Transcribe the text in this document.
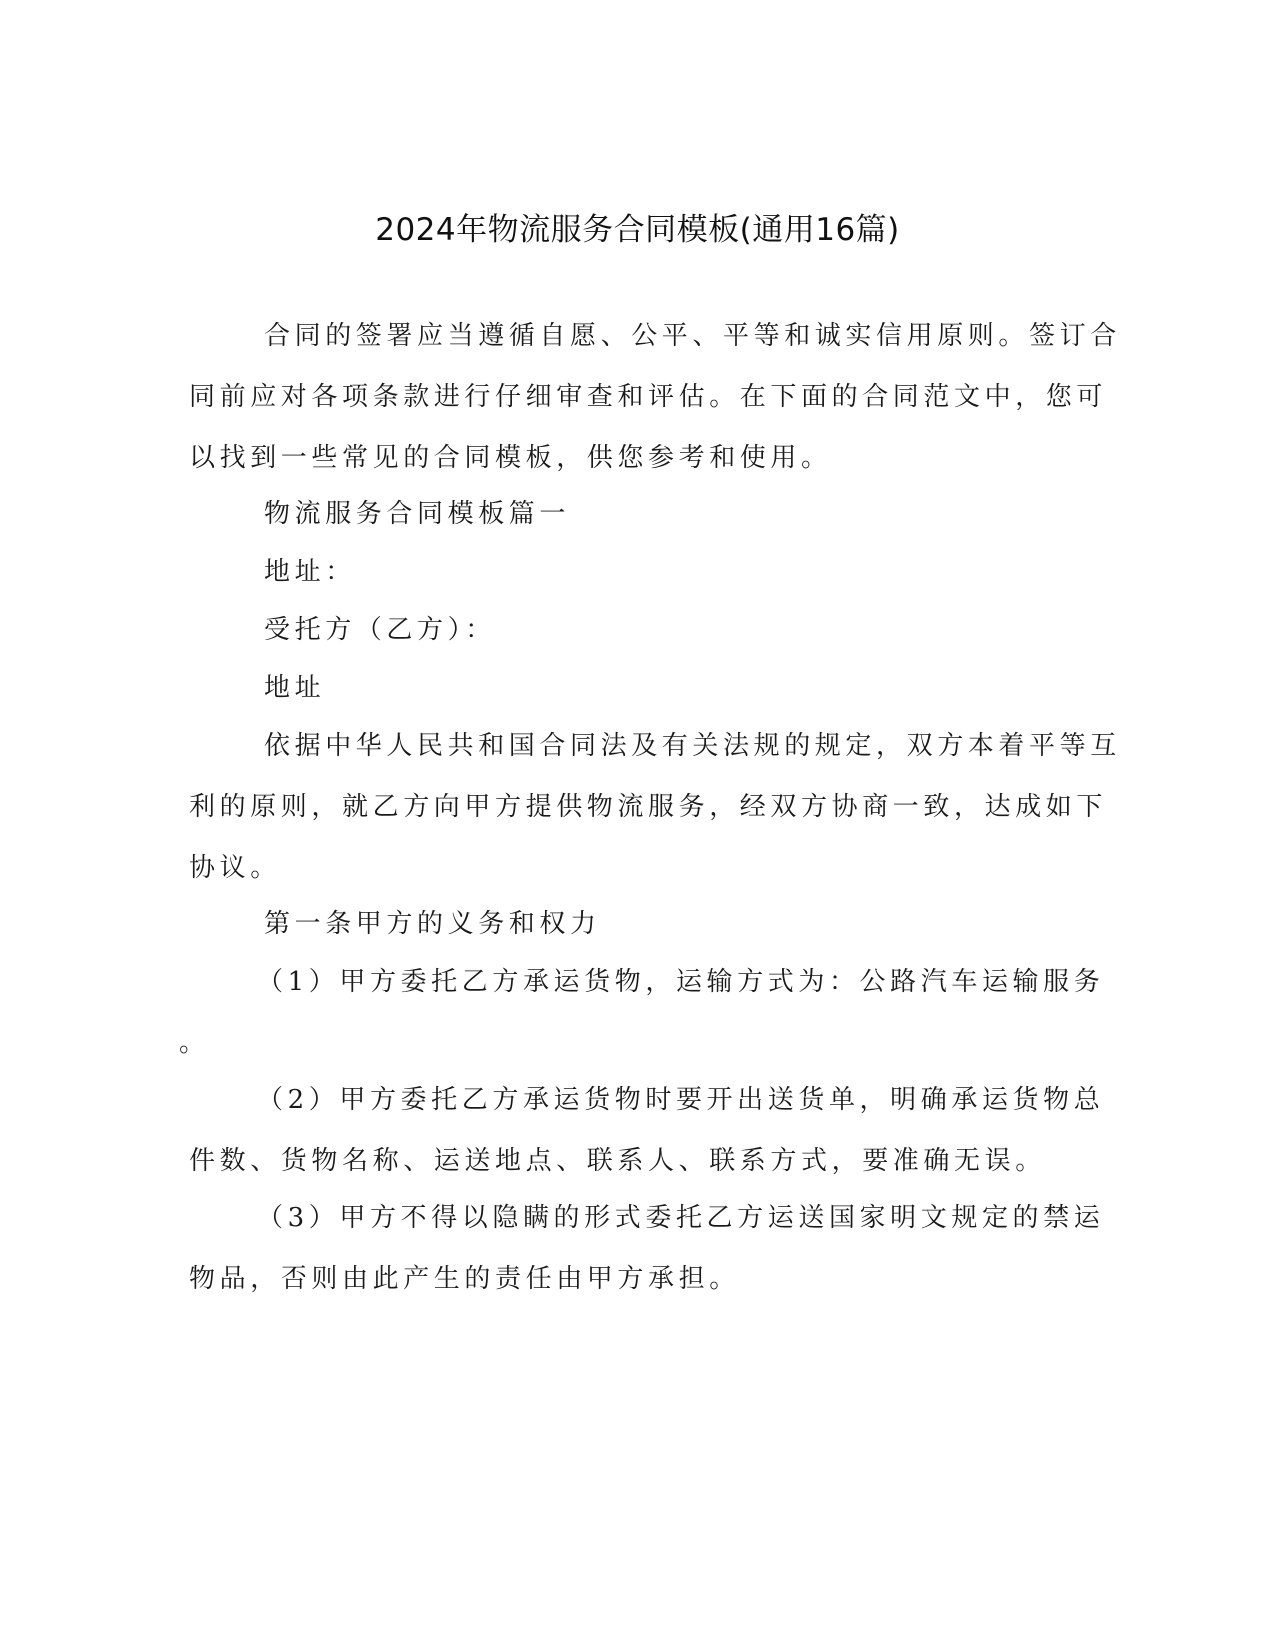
2024年物流服务合同模板(通用16篇)
合同的签署应当遵循自愿、公平、平等和诚实信用原则。签订合
同前应对各项条款进行仔细审查和评估。在下面的合同范文中，您可
以找到一些常见的合同模板，供您参考和使用。
物流服务合同模板篇一
地址：
受托方（乙方）：
地址
依据中华人民共和国合同法及有关法规的规定，双方本着平等互
利的原则，就乙方向甲方提供物流服务，经双方协商一致，达成如下
协议。
第一条甲方的义务和权力
（1）甲方委托乙方承运货物，运输方式为：公路汽车运输服务
。
（2）甲方委托乙方承运货物时要开出送货单，明确承运货物总
件数、货物名称、运送地点、联系人、联系方式，要准确无误。
（3）甲方不得以隐瞒的形式委托乙方运送国家明文规定的禁运
物品，否则由此产生的责任由甲方承担。
